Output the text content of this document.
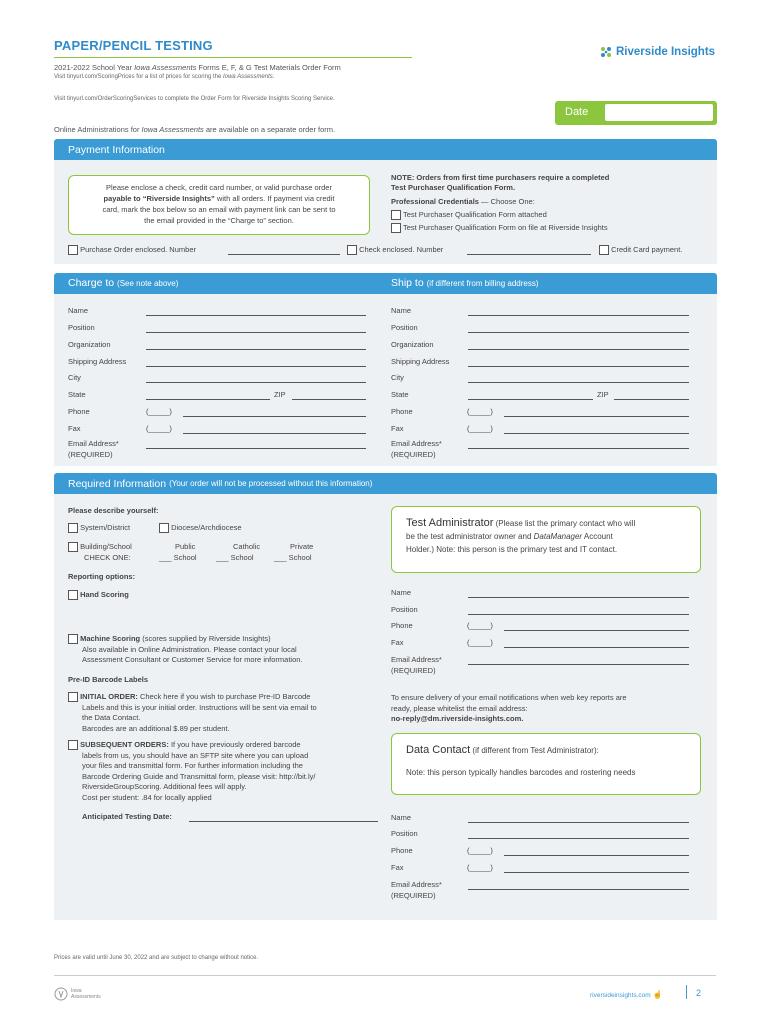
PAPER/PENCIL TESTING
2021-2022 School Year Iowa Assessments Forms E, F, & G Test Materials Order Form
Visit tinyurl.com/ScoringPrices for a list of prices for scoring the Iowa Assessments.
Visit tinyurl.com/OrderScoringServices to complete the Order Form for Riverside Insights Scoring Service.
Riverside Insights
Date
Online Administrations for Iowa Assessments are available on a separate order form.
Payment Information
Please enclose a check, credit card number, or valid purchase order
payable to “Riverside Insights” with all orders. If payment via credit
card, mark the box below so an email with payment link can be sent to
the email provided in the “Charge to” section.
NOTE: Orders from first time purchasers require a completed
Test Purchaser Qualification Form.
Professional Credentials — Choose One:
Test Purchaser Qualification Form attached
Test Purchaser Qualification Form on file at Riverside Insights
Purchase Order enclosed. Number	Check enclosed. Number	Credit Card payment.
Charge to (See note above)	Ship to (if different from billing address)
Name
Position
Organization
Shipping Address
City
State	ZIP
Phone	(_____)
Fax	(_____)
Email Address*
(REQUIRED)
Name
Position
Organization
Shipping Address
City
State	ZIP
Phone	(_____)
Fax	(_____)
Email Address*
(REQUIRED)
Required Information (Your order will not be processed without this information)
Please describe yourself:
System/District	Diocese/Archdiocese
Building/School
CHECK ONE:
Public
___ School
Catholic
___ School
Private
___ School
Reporting options:
Hand Scoring
Machine Scoring (scores supplied by Riverside Insights)
Also available in Online Administration. Please contact your local
Assessment Consultant or Customer Service for more information.
Pre-ID Barcode Labels
INITIAL ORDER: Check here if you wish to purchase Pre-ID Barcode
Labels and this is your initial order. Instructions will be sent via email to
the Data Contact.
Barcodes are an additional $.89 per student.
SUBSEQUENT ORDERS: If you have previously ordered barcode
labels from us, you should have an SFTP site where you can upload
your files and transmittal form. For further information including the
Barcode Ordering Guide and Transmittal form, please visit: http://bit.ly/
RiversideGroupScoring. Additional fees will apply.
Cost per student: .84 for locally applied
Anticipated Testing Date:
Test Administrator (Please list the primary contact who will
be the test administrator owner and DataManager Account
Holder.) Note: this person is the primary test and IT contact.
Name
Position
Phone	(_____)
Fax	(_____)
Email Address*
(REQUIRED)
To ensure delivery of your email notifications when web key reports are
ready, please whitelist the email address:
no-reply@dm.riverside-insights.com.
Data Contact (if different from Test Administrator):
Note: this person typically handles barcodes and rostering needs
Name
Position
Phone	(_____)
Fax	(_____)
Email Address*
(REQUIRED)
Prices are valid until June 30, 2022 and are subject to change without notice.
Iowa
Assessments	riversideinsights.com ☝	2
